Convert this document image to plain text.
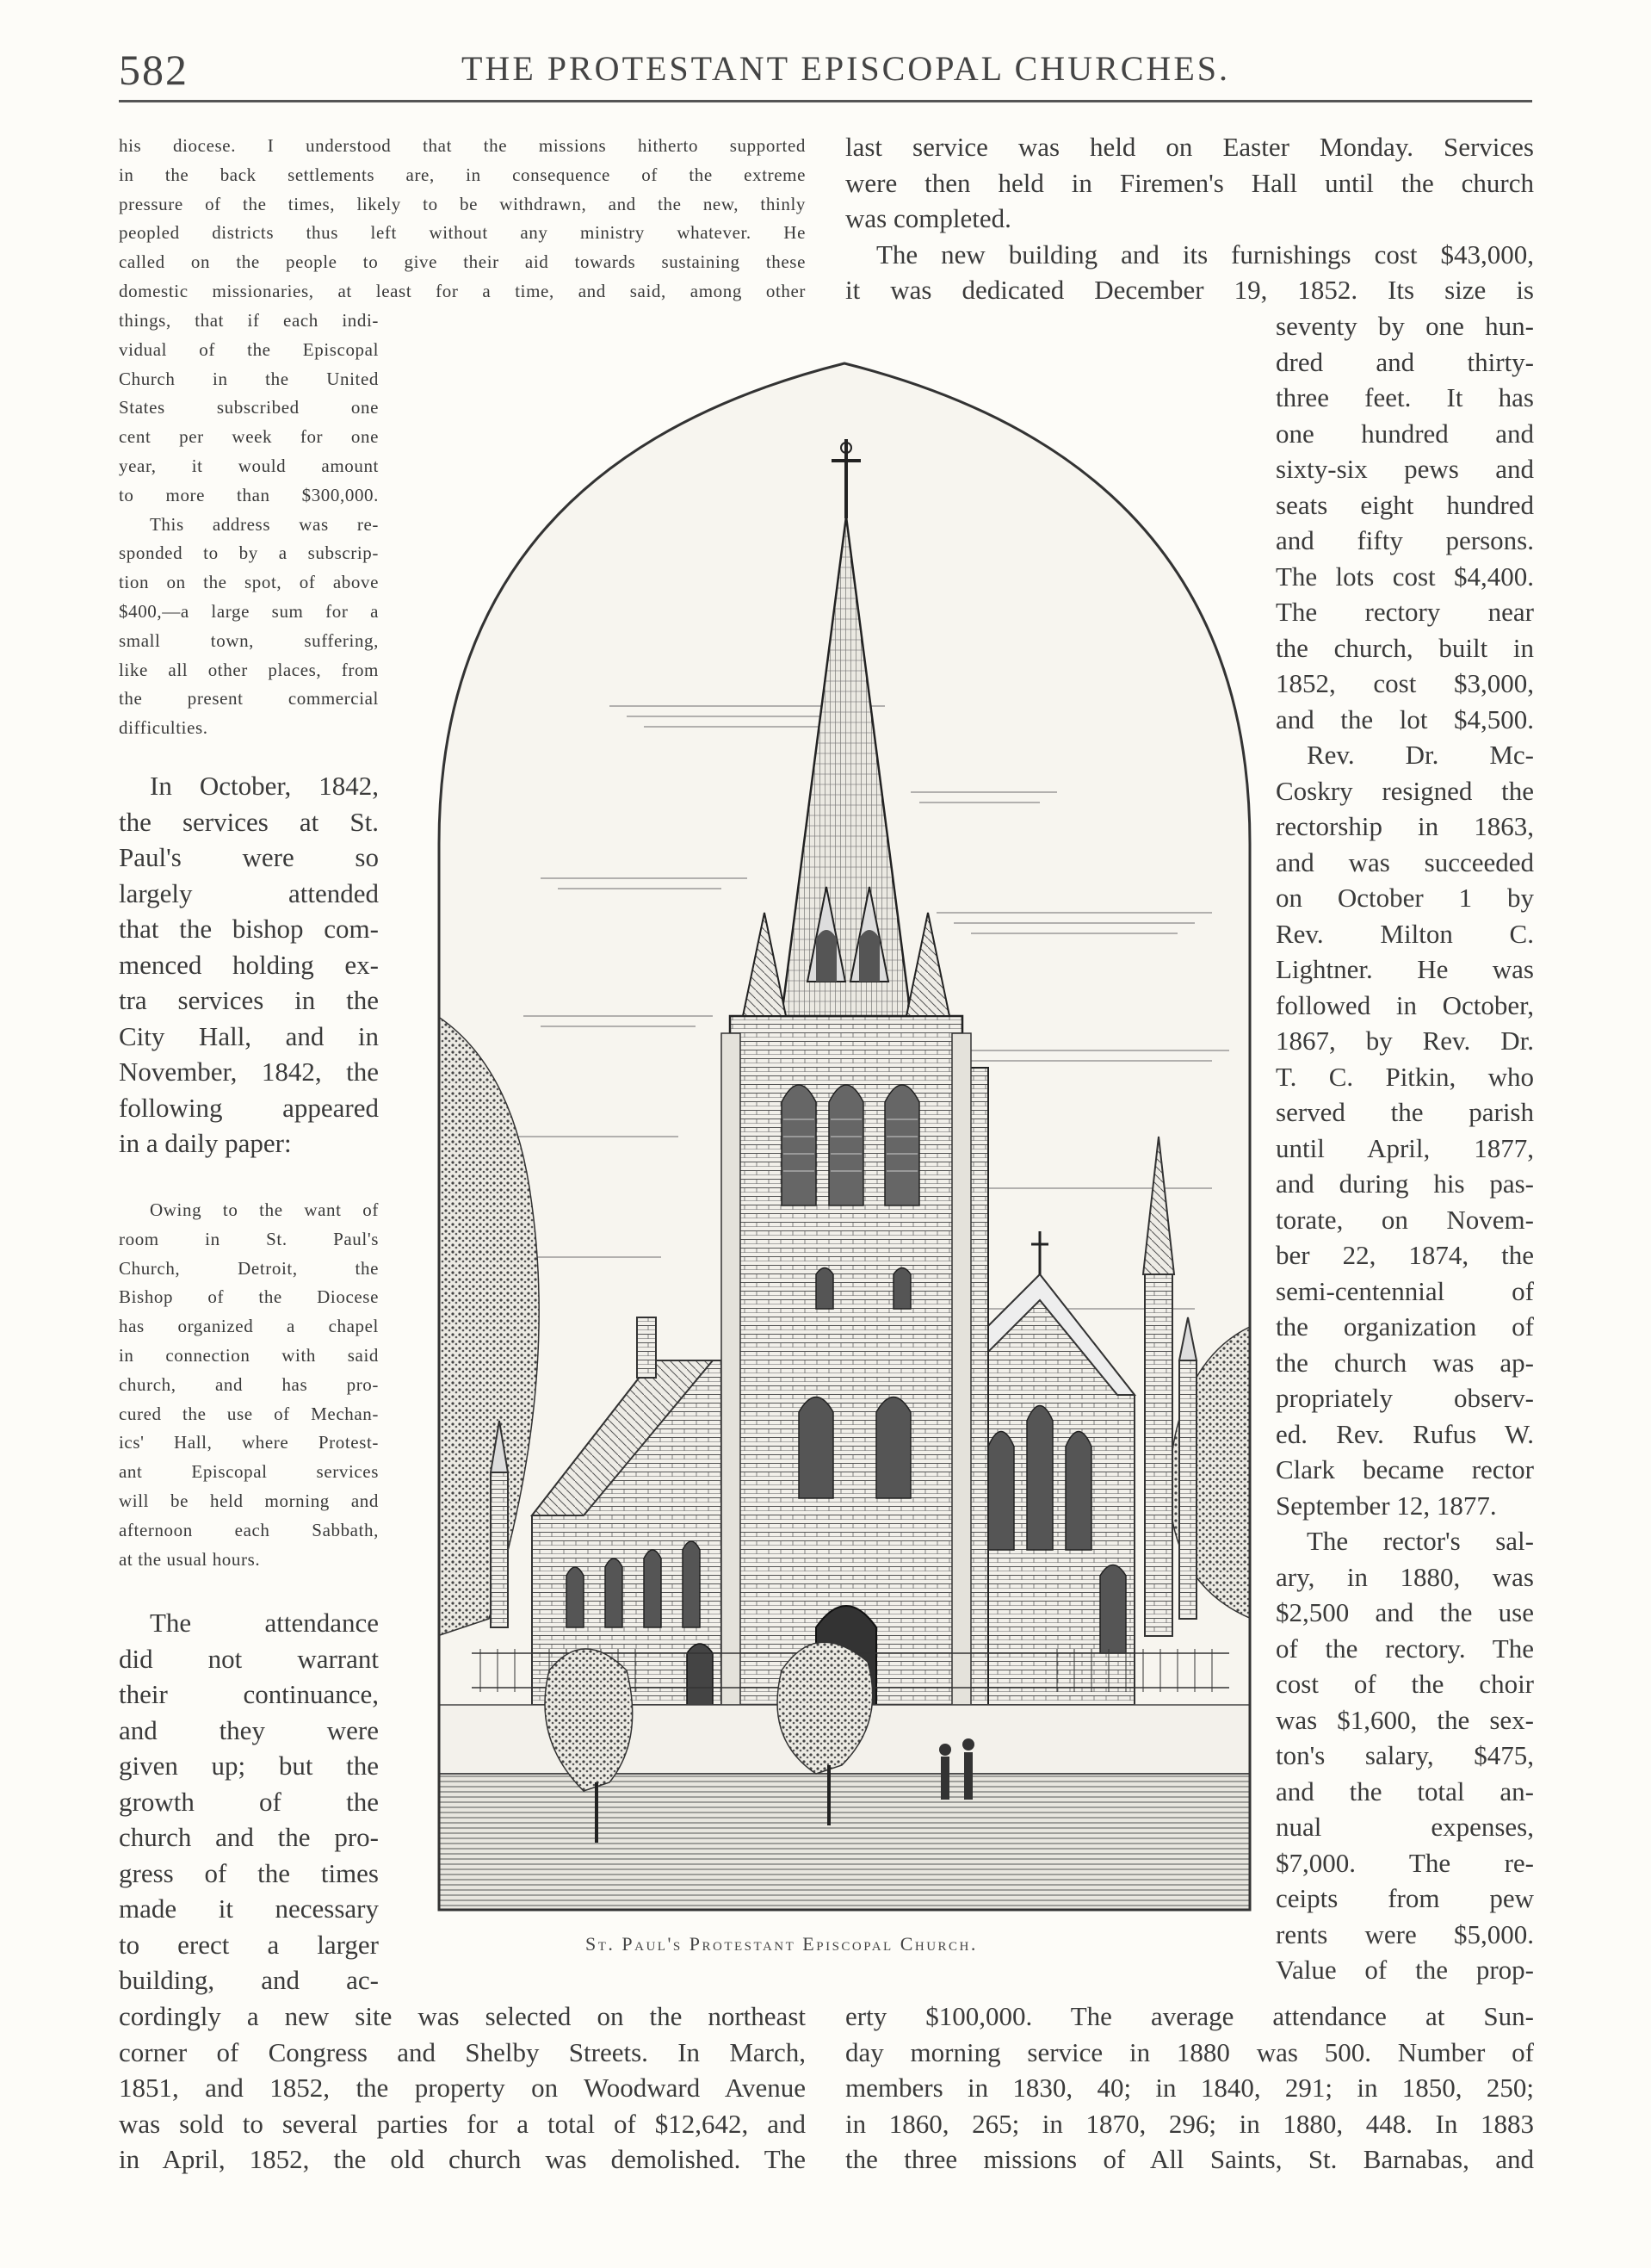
582	THE PROTESTANT EPISCOPAL CHURCHES.
his diocese. I understood that the missions hitherto supported
in the back settlements are, in consequence of the extreme
pressure of the times, likely to be withdrawn, and the new, thinly
peopled districts thus left without any ministry whatever. He
called on the people to give their aid towards sustaining these
domestic missionaries, at least for a time, and said, among other
things, that if each indi-
vidual of the Episcopal
Church in the United
States subscribed one
cent per week for one
year, it would amount
to more than $300,000.
This address was re-
sponded to by a subscrip-
tion on the spot, of above
$400,—a large sum for a
small town, suffering,
like all other places, from
the present commercial
difficulties.
In October, 1842,
the services at St.
Paul's were so
largely attended
that the bishop com-
menced holding ex-
tra services in the
City Hall, and in
November, 1842, the
following appeared
in a daily paper:
Owing to the want of
room in St. Paul's
Church, Detroit, the
Bishop of the Diocese
has organized a chapel
in connection with said
church, and has pro-
cured the use of Mechan-
ics' Hall, where Protest-
ant Episcopal services
will be held morning and
afternoon each Sabbath,
at the usual hours.
The attendance
did not warrant
their continuance,
and they were
given up; but the
growth of the
church and the pro-
gress of the times
made it necessary
to erect a larger
building, and ac-
cordingly a new site was selected on the northeast
corner of Congress and Shelby Streets. In March,
1851, and 1852, the property on Woodward Avenue
was sold to several parties for a total of $12,642, and
in April, 1852, the old church was demolished. The
last service was held on Easter Monday. Services
were then held in Firemen's Hall until the church
was completed.
The new building and its furnishings cost $43,000,
it was dedicated December 19, 1852. Its size is
seventy by one hun-
dred and thirty-
three feet. It has
one hundred and
sixty-six pews and
seats eight hundred
and fifty persons.
The lots cost $4,400.
The rectory near
the church, built in
1852, cost $3,000,
and the lot $4,500.
Rev. Dr. Mc-
Coskry resigned the
rectorship in 1863,
and was succeeded
on October 1 by
Rev. Milton C.
Lightner. He was
followed in October,
1867, by Rev. Dr.
T. C. Pitkin, who
served the parish
until April, 1877,
and during his pas-
torate, on Novem-
ber 22, 1874, the
semi-centennial of
the organization of
the church was ap-
propriately observ-
ed. Rev. Rufus W.
Clark became rector
September 12, 1877.
The rector's sal-
ary, in 1880, was
$2,500 and the use
of the rectory. The
cost of the choir
was $1,600, the sex-
ton's salary, $475,
and the total an-
nual expenses,
$7,000. The re-
ceipts from pew
rents were $5,000.
Value of the prop-
erty $100,000. The average attendance at Sun-
day morning service in 1880 was 500. Number of
members in 1830, 40; in 1840, 291; in 1850, 250;
in 1860, 265; in 1870, 296; in 1880, 448. In 1883
the three missions of All Saints, St. Barnabas, and
St. Paul's Protestant Episcopal Church.
